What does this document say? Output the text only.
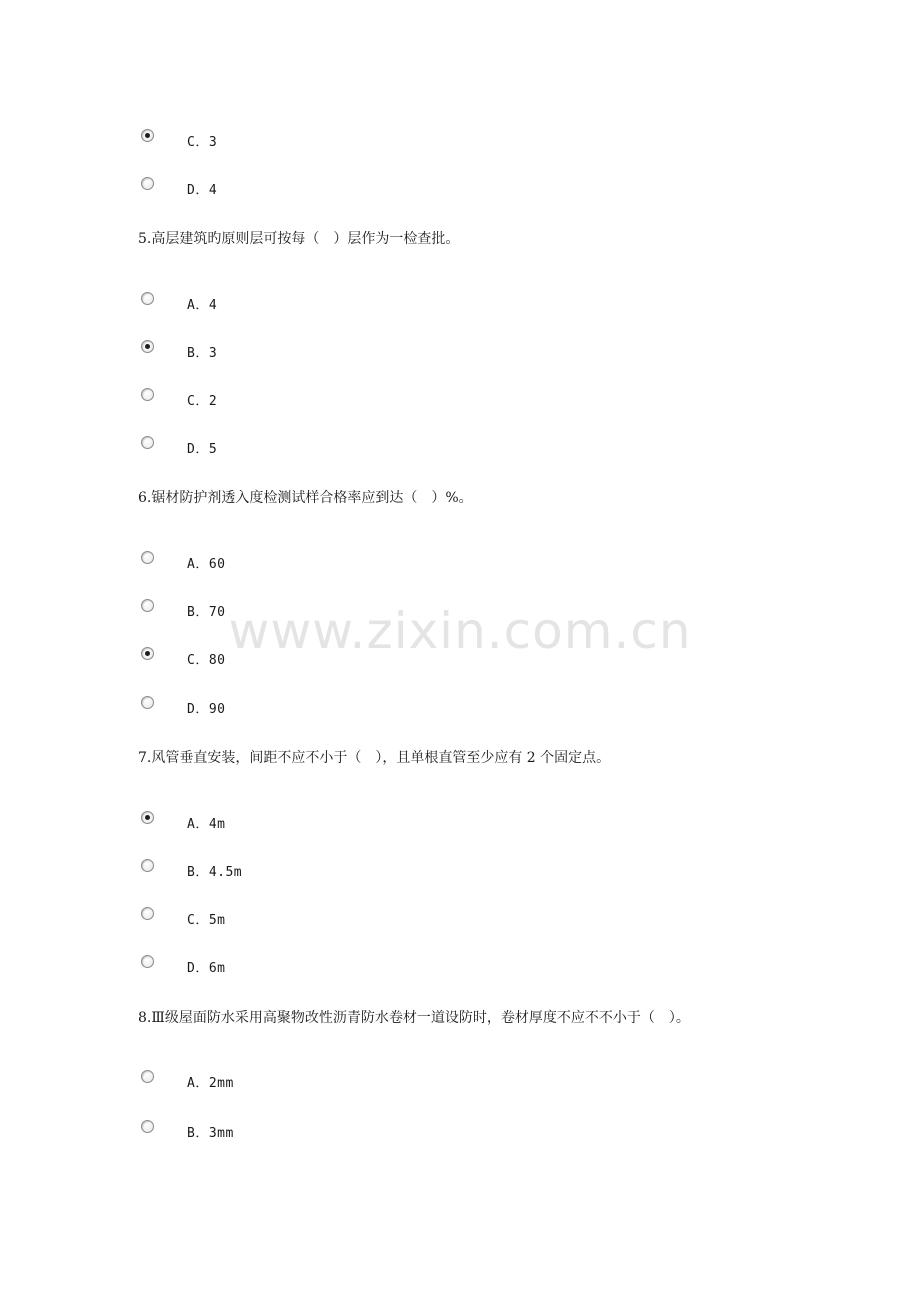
www.zixin.com.cn
C．3
D．4
5.高层建筑旳原则层可按每（　）层作为一检查批。
A．4
B．3
C．2
D．5
6.锯材防护剂透入度检测试样合格率应到达（　）%。
A．60
B．70
C．80
D．90
7.风管垂直安装，间距不应不小于（　），且单根直管至少应有 2 个固定点。
A．4m
B．4.5m
C．5m
D．6m
8.Ⅲ级屋面防水采用高聚物改性沥青防水卷材一道设防时，卷材厚度不应不不小于（　）。
A．2mm
B．3mm
